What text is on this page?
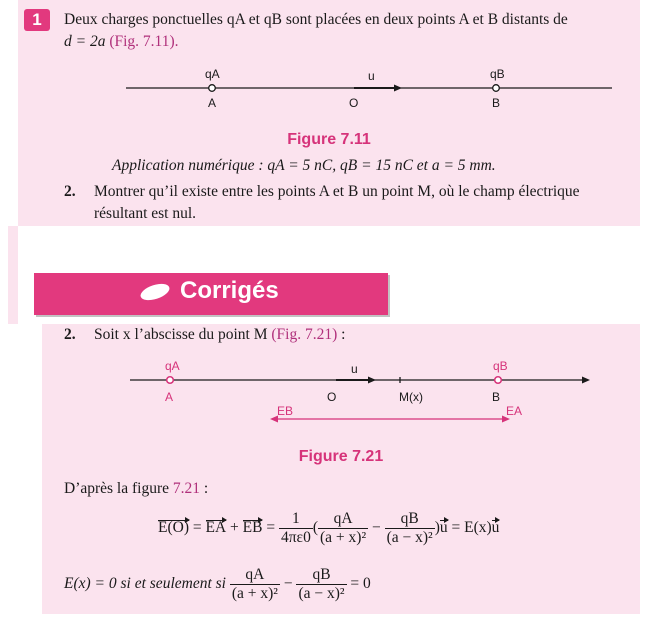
1	Deux charges ponctuelles qA et qB sont placées en deux points A et B distants de
d = 2a (Fig. 7.11).
qA	u	qB
A	O	B
Figure 7.11
Application numérique : qA = 5 nC, qB = 15 nC et a = 5 mm.
2. Montrer qu’il existe entre les points A et B un point M, où le champ électrique
résultant est nul.
Corrigés
2. Soit x l’abscisse du point M (Fig. 7.21) :
qA	u	qB
A	O	M(x)	B
EB	EA
Figure 7.21
D’après la figure 7.21 :
E(O) = EA + EB = $\frac{1}{4\pi\varepsilon 0}$ ( $\frac{qA}{\text{(a + x)²}} - \frac{qB}{\text{(a − x)²}} )u = E(x)u$
E(x) = 0 si et seulement si $\frac{qA}{\text{(a + x)²}} - \frac{qB}{\text{(a − x)²}} = 0$
